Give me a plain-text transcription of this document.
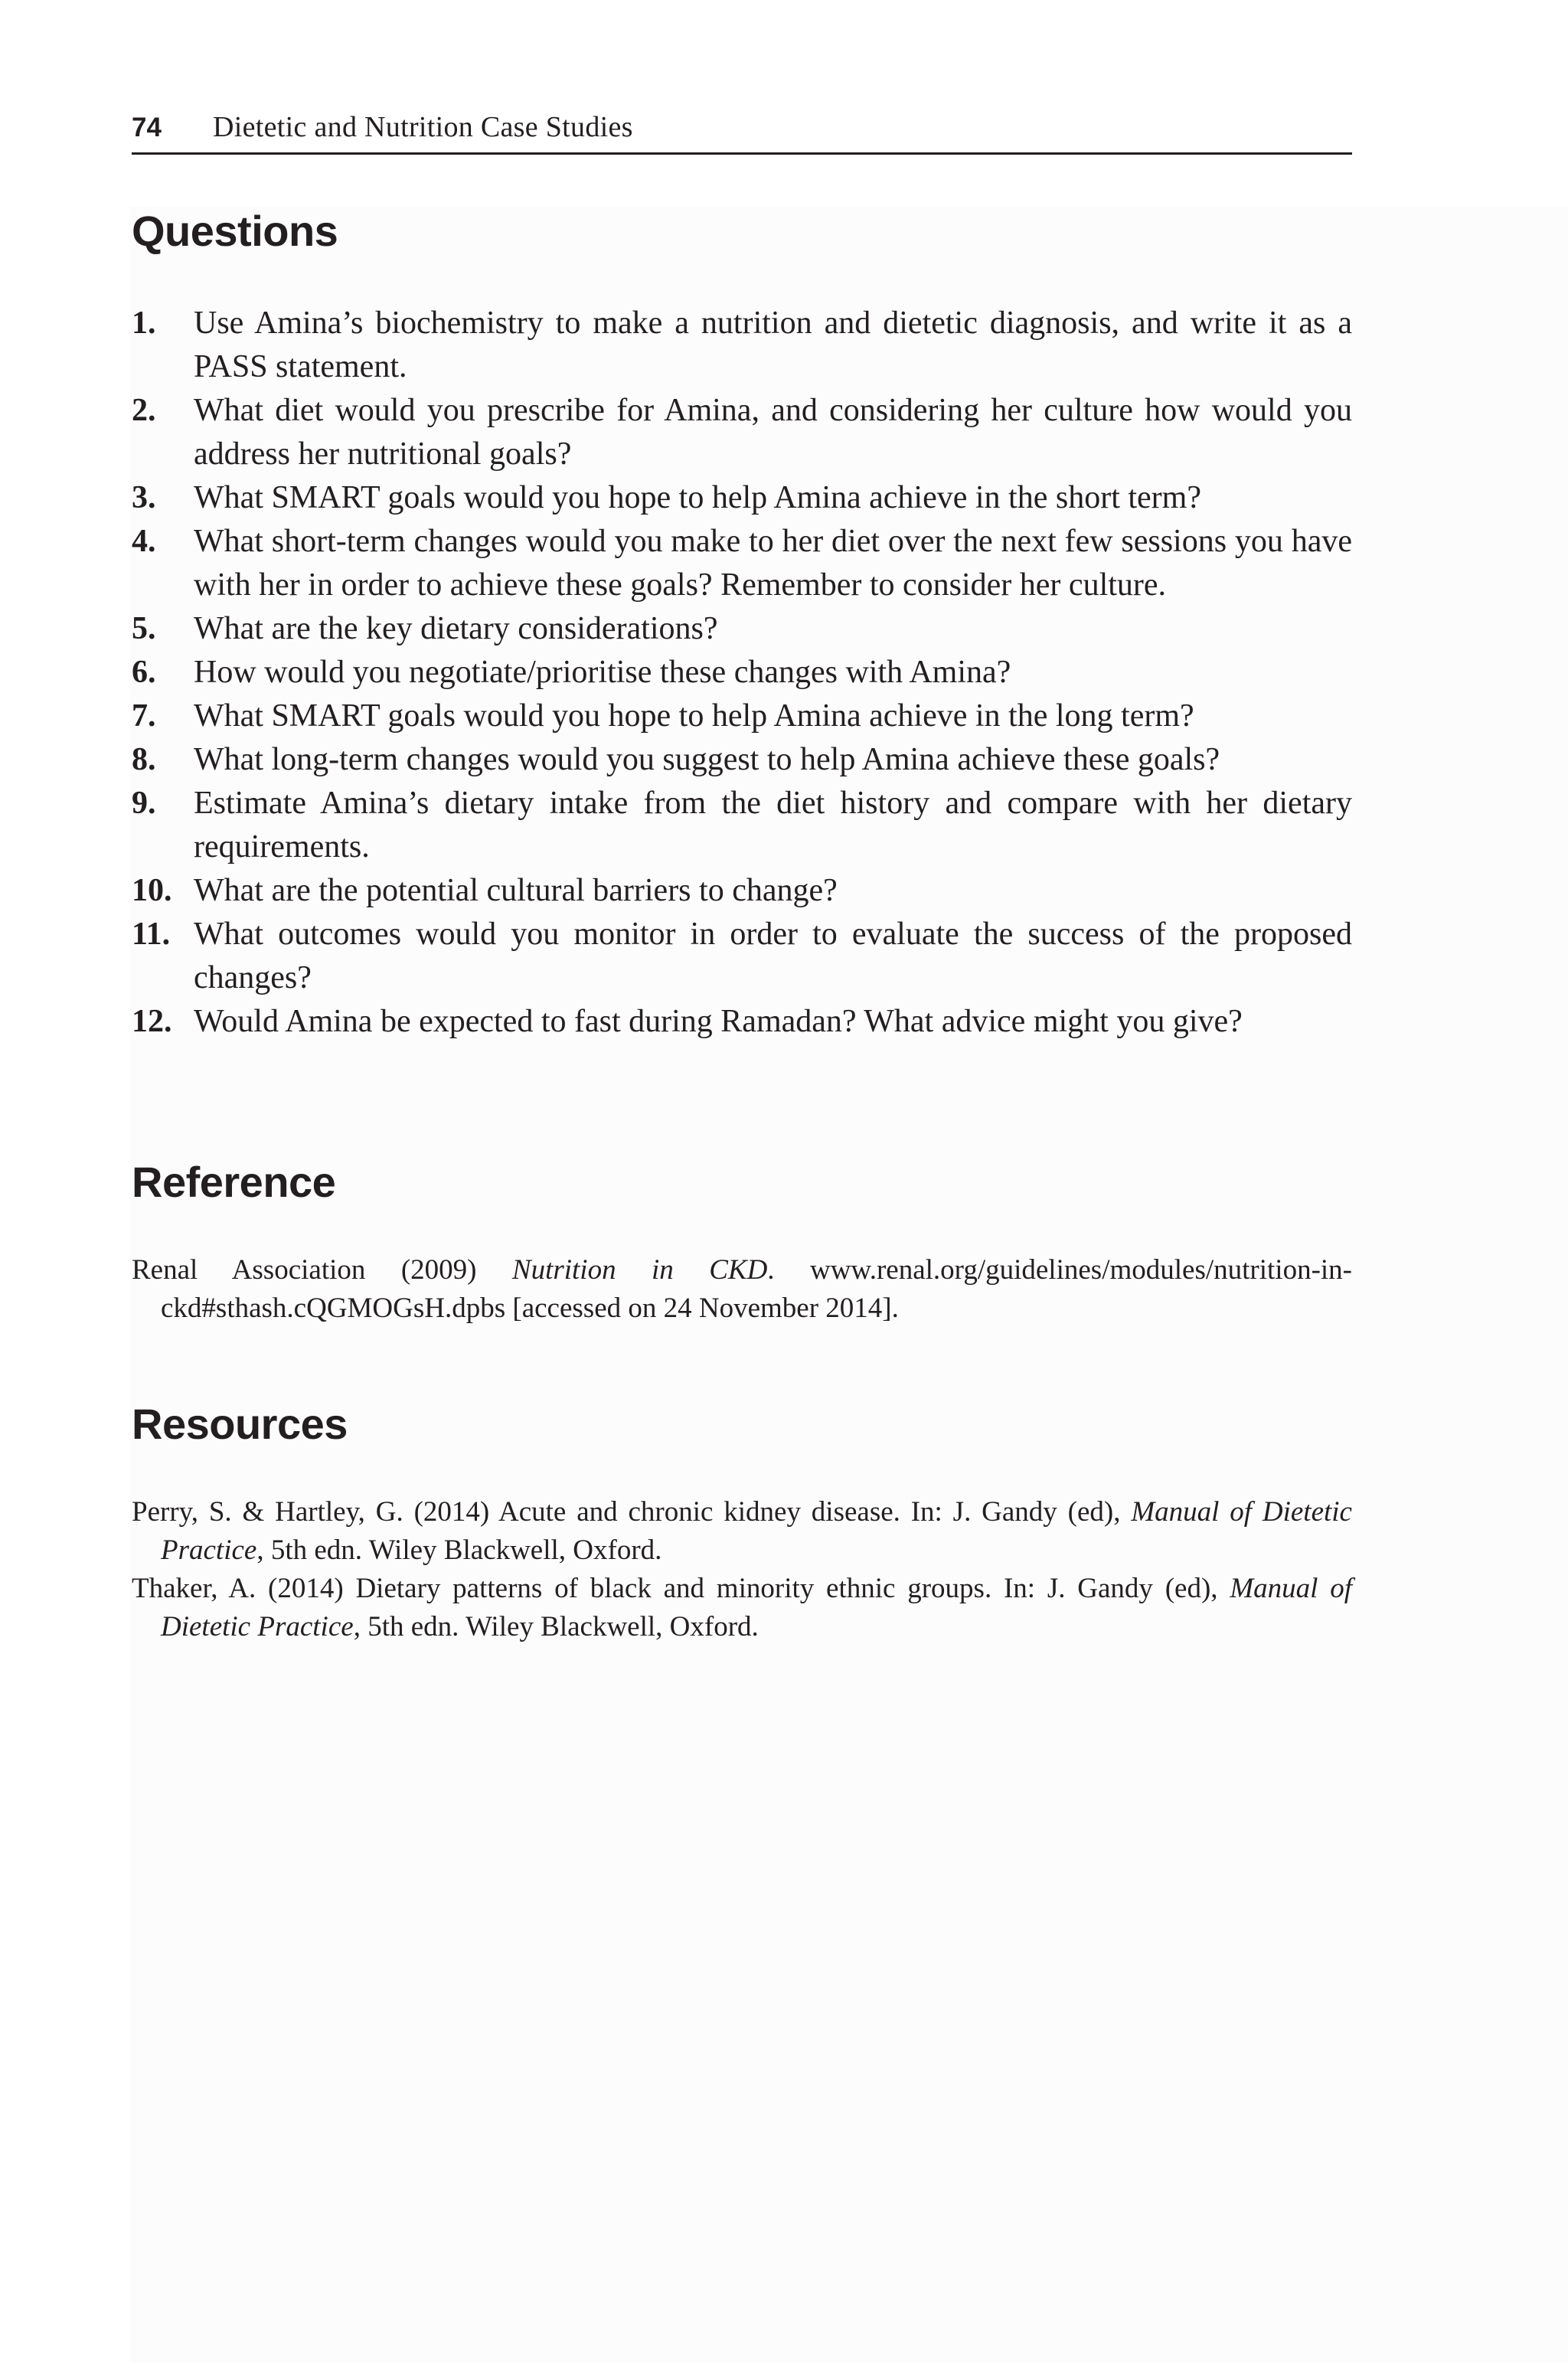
74 Dietetic and Nutrition Case Studies
Questions
1.	Use Amina’s biochemistry to make a nutrition and dietetic diagnosis, and write it as a PASS statement.
2.	What diet would you prescribe for Amina, and considering her culture how would you address her nutritional goals?
3.	What SMART goals would you hope to help Amina achieve in the short term?
4.	What short-term changes would you make to her diet over the next few sessions you have with her in order to achieve these goals? Remember to consider her culture.
5.	What are the key dietary considerations?
6.	How would you negotiate/prioritise these changes with Amina?
7.	What SMART goals would you hope to help Amina achieve in the long term?
8.	What long-term changes would you suggest to help Amina achieve these goals?
9.	Estimate Amina’s dietary intake from the diet history and compare with her dietary requirements.
10. What are the potential cultural barriers to change?
11. What outcomes would you monitor in order to evaluate the success of the proposed changes?
12. Would Amina be expected to fast during Ramadan? What advice might you give?
Reference

Renal Association (2009) Nutrition in CKD. www.renal.org/guidelines/modules/nutrition-in-ckd#sthash.cQGMOGsH.dpbs [accessed on 24 November 2014].

Resources

Perry, S. & Hartley, G. (2014) Acute and chronic kidney disease. In: J. Gandy (ed), Manual of Dietetic Practice, 5th edn. Wiley Blackwell, Oxford.

Thaker, A. (2014) Dietary patterns of black and minority ethnic groups. In: J. Gandy (ed), Manual of Dietetic Practice, 5th edn. Wiley Blackwell, Oxford.
